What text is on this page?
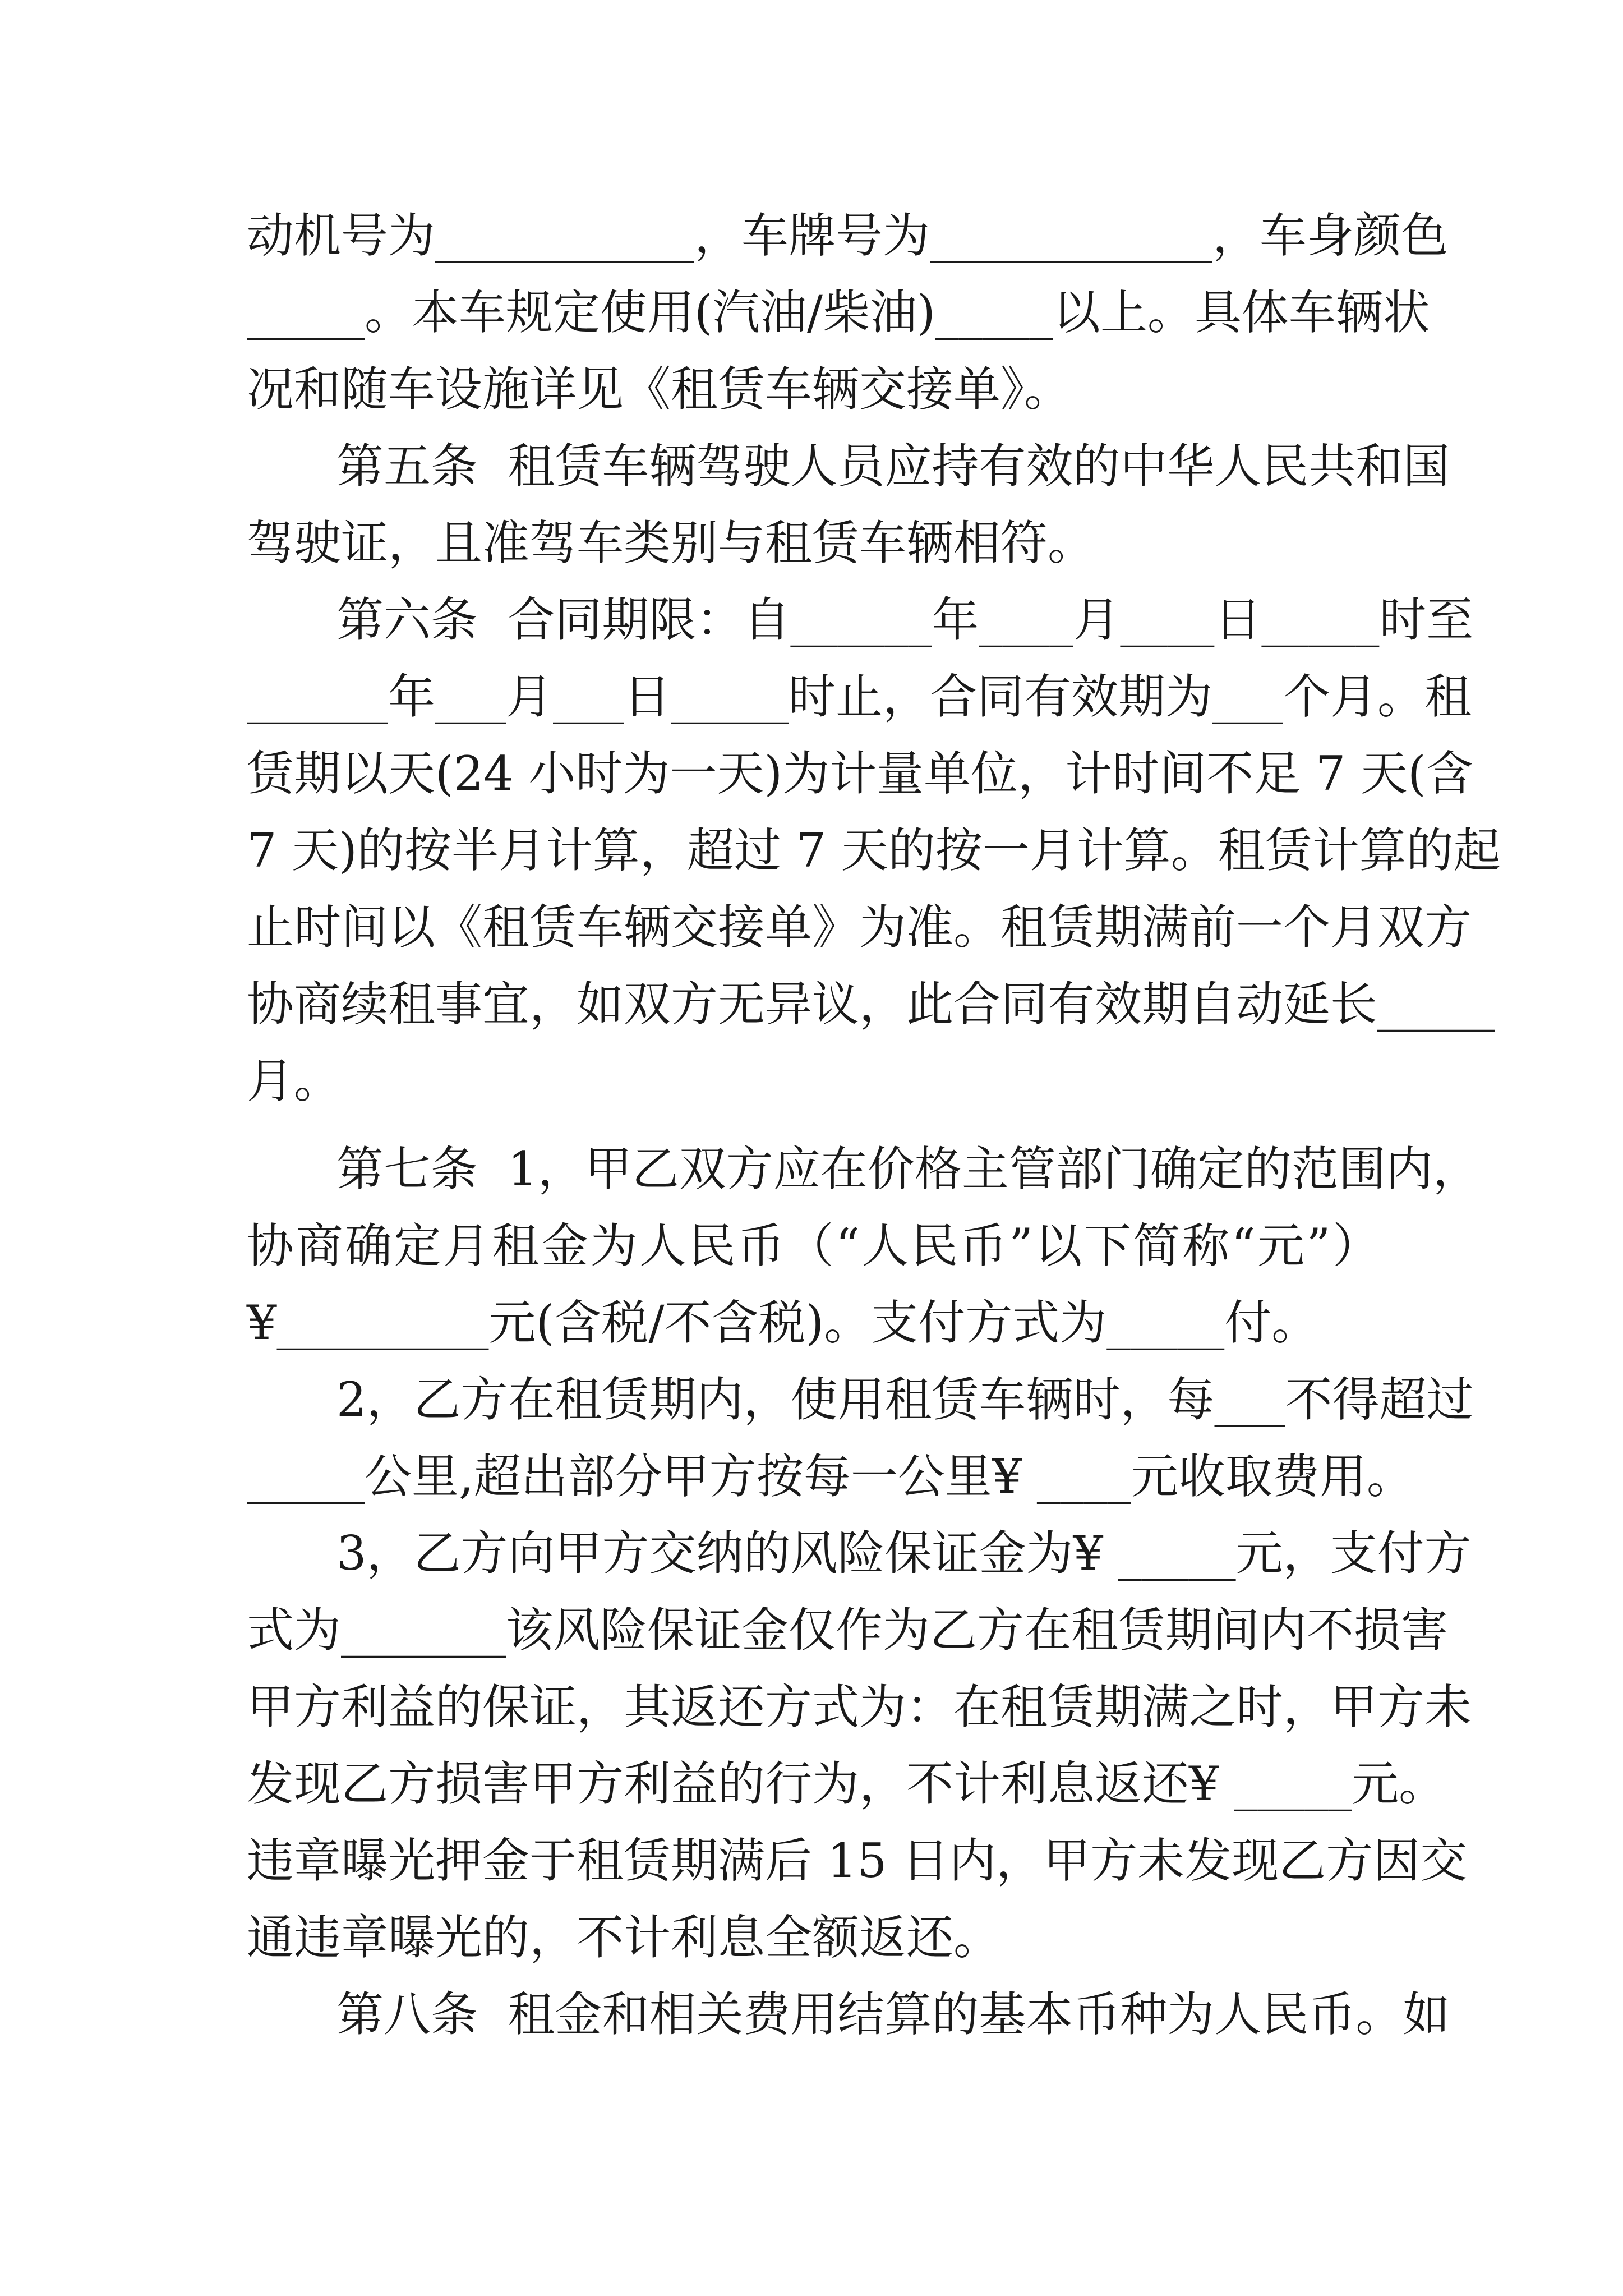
动机号为___________，车牌号为____________，车身颜色
_____。本车规定使用(汽油/柴油)_____以上。具体车辆状
况和随车设施详见《租赁车辆交接单》。
第五条  租赁车辆驾驶人员应持有效的中华人民共和国
驾驶证，且准驾车类别与租赁车辆相符。
第六条  合同期限：自______年____月____日_____时至
______年___月___日_____时止，合同有效期为___个月。租
赁期以天(24 小时为一天)为计量单位，计时间不足 7 天(含
7 天)的按半月计算，超过 7 天的按一月计算。租赁计算的起
止时间以《租赁车辆交接单》为准。租赁期满前一个月双方
协商续租事宜，如双方无异议，此合同有效期自动延长_____
月。
第七条  1，甲乙双方应在价格主管部门确定的范围内，
协商确定月租金为人民币（“人民币”以下简称“元”）
¥_________元(含税/不含税)。支付方式为_____付。
2，乙方在租赁期内，使用租赁车辆时，每___不得超过
_____公里,超出部分甲方按每一公里¥ ____元收取费用。
3，乙方向甲方交纳的风险保证金为¥ _____元，支付方
式为_______该风险保证金仅作为乙方在租赁期间内不损害
甲方利益的保证，其返还方式为：在租赁期满之时，甲方未
发现乙方损害甲方利益的行为，不计利息返还¥ _____元。
违章曝光押金于租赁期满后 15 日内，甲方未发现乙方因交
通违章曝光的，不计利息全额返还。
第八条  租金和相关费用结算的基本币种为人民币。如
